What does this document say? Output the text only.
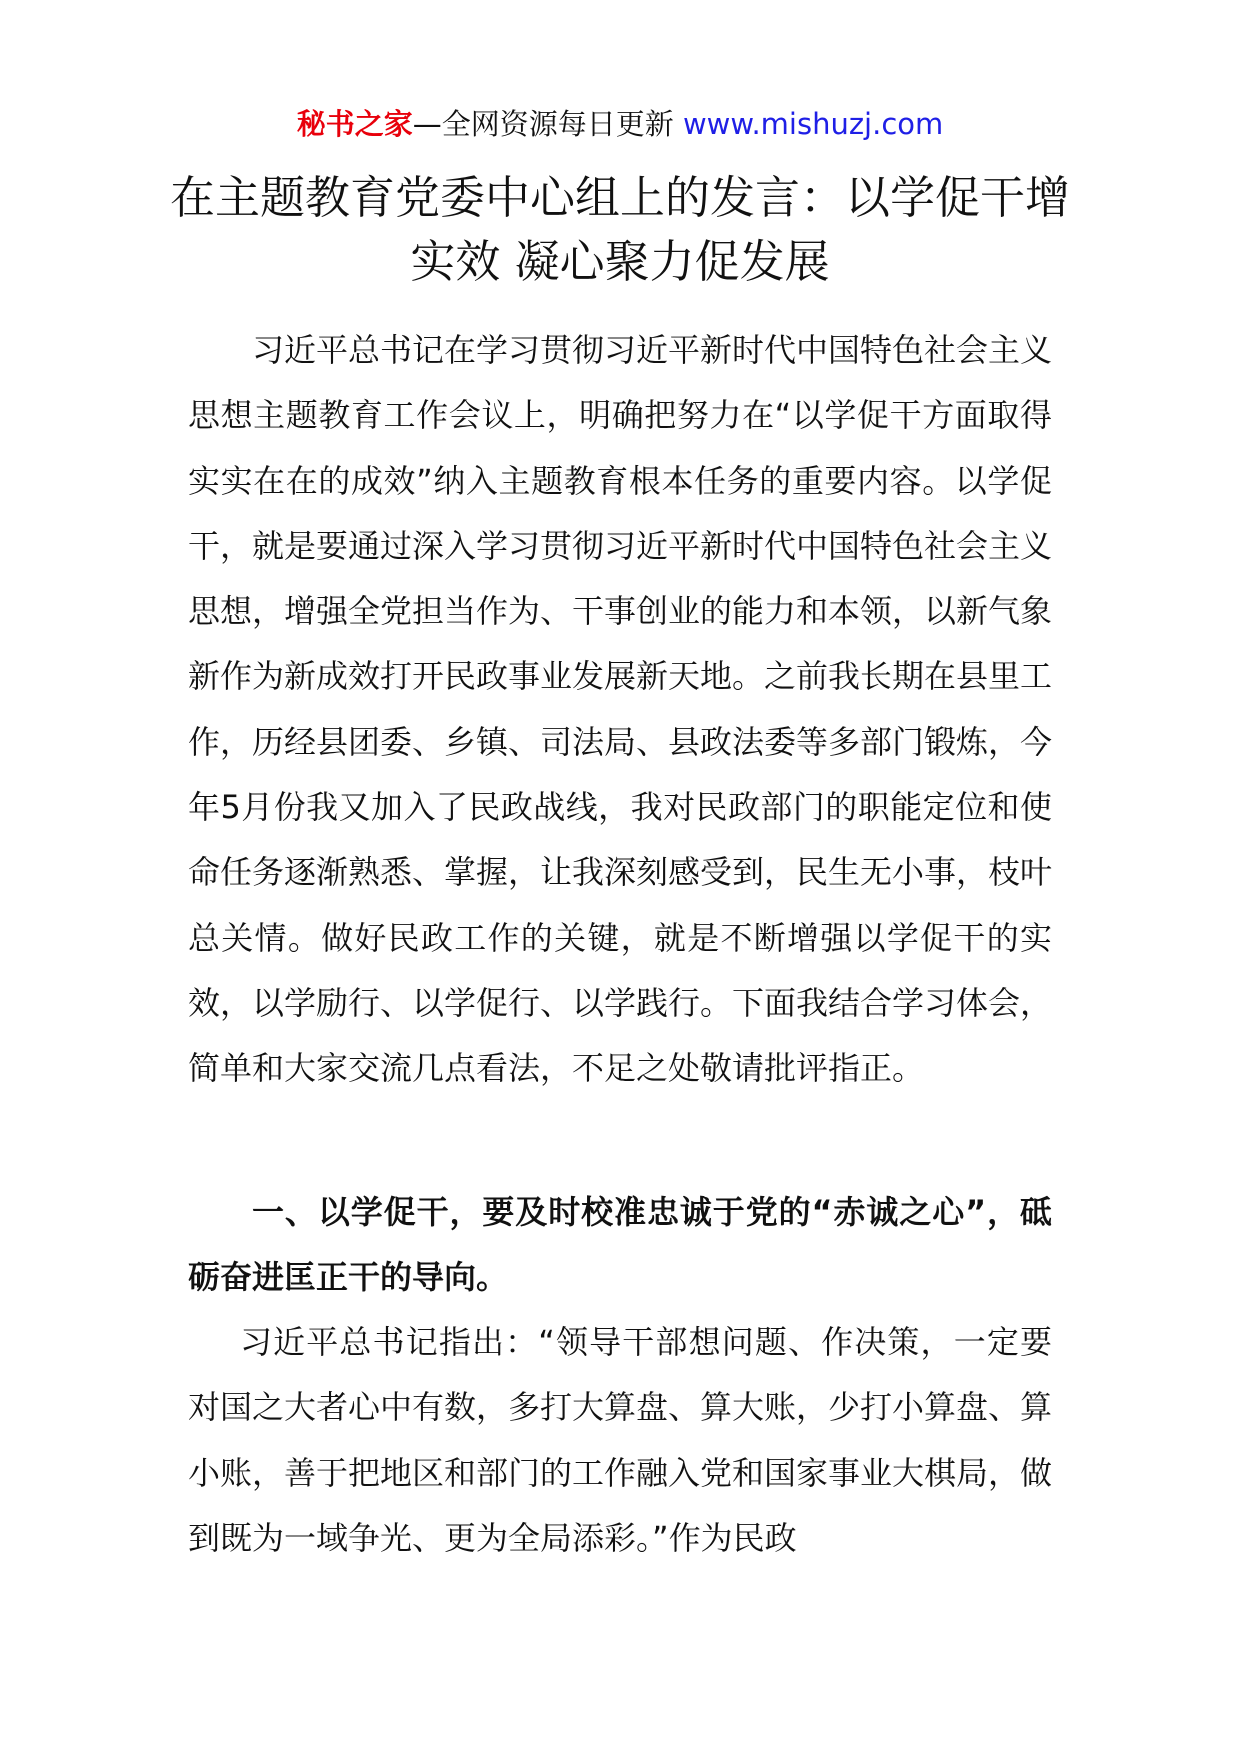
秘书之家—全网资源每日更新 www.mishuzj.com
在主题教育党委中心组上的发言：以学促干增实效 凝心聚力促发展
习近平总书记在学习贯彻习近平新时代中国特色社会主义思想主题教育工作会议上，明确把努力在“以学促干方面取得实实在在的成效”纳入主题教育根本任务的重要内容。以学促干，就是要通过深入学习贯彻习近平新时代中国特色社会主义思想，增强全党担当作为、干事创业的能力和本领，以新气象新作为新成效打开民政事业发展新天地。之前我长期在县里工作，历经县团委、乡镇、司法局、县政法委等多部门锻炼，今年5月份我又加入了民政战线，我对民政部门的职能定位和使命任务逐渐熟悉、掌握，让我深刻感受到，民生无小事，枝叶总关情。做好民政工作的关键，就是不断增强以学促干的实效，以学励行、以学促行、以学践行。下面我结合学习体会，简单和大家交流几点看法，不足之处敬请批评指正。
一、以学促干，要及时校准忠诚于党的“赤诚之心”，砥砺奋进匡正干的导向。
习近平总书记指出：“领导干部想问题、作决策，一定要对国之大者心中有数，多打大算盘、算大账，少打小算盘、算小账，善于把地区和部门的工作融入党和国家事业大棋局，做到既为一域争光、更为全局添彩。”作为民政
